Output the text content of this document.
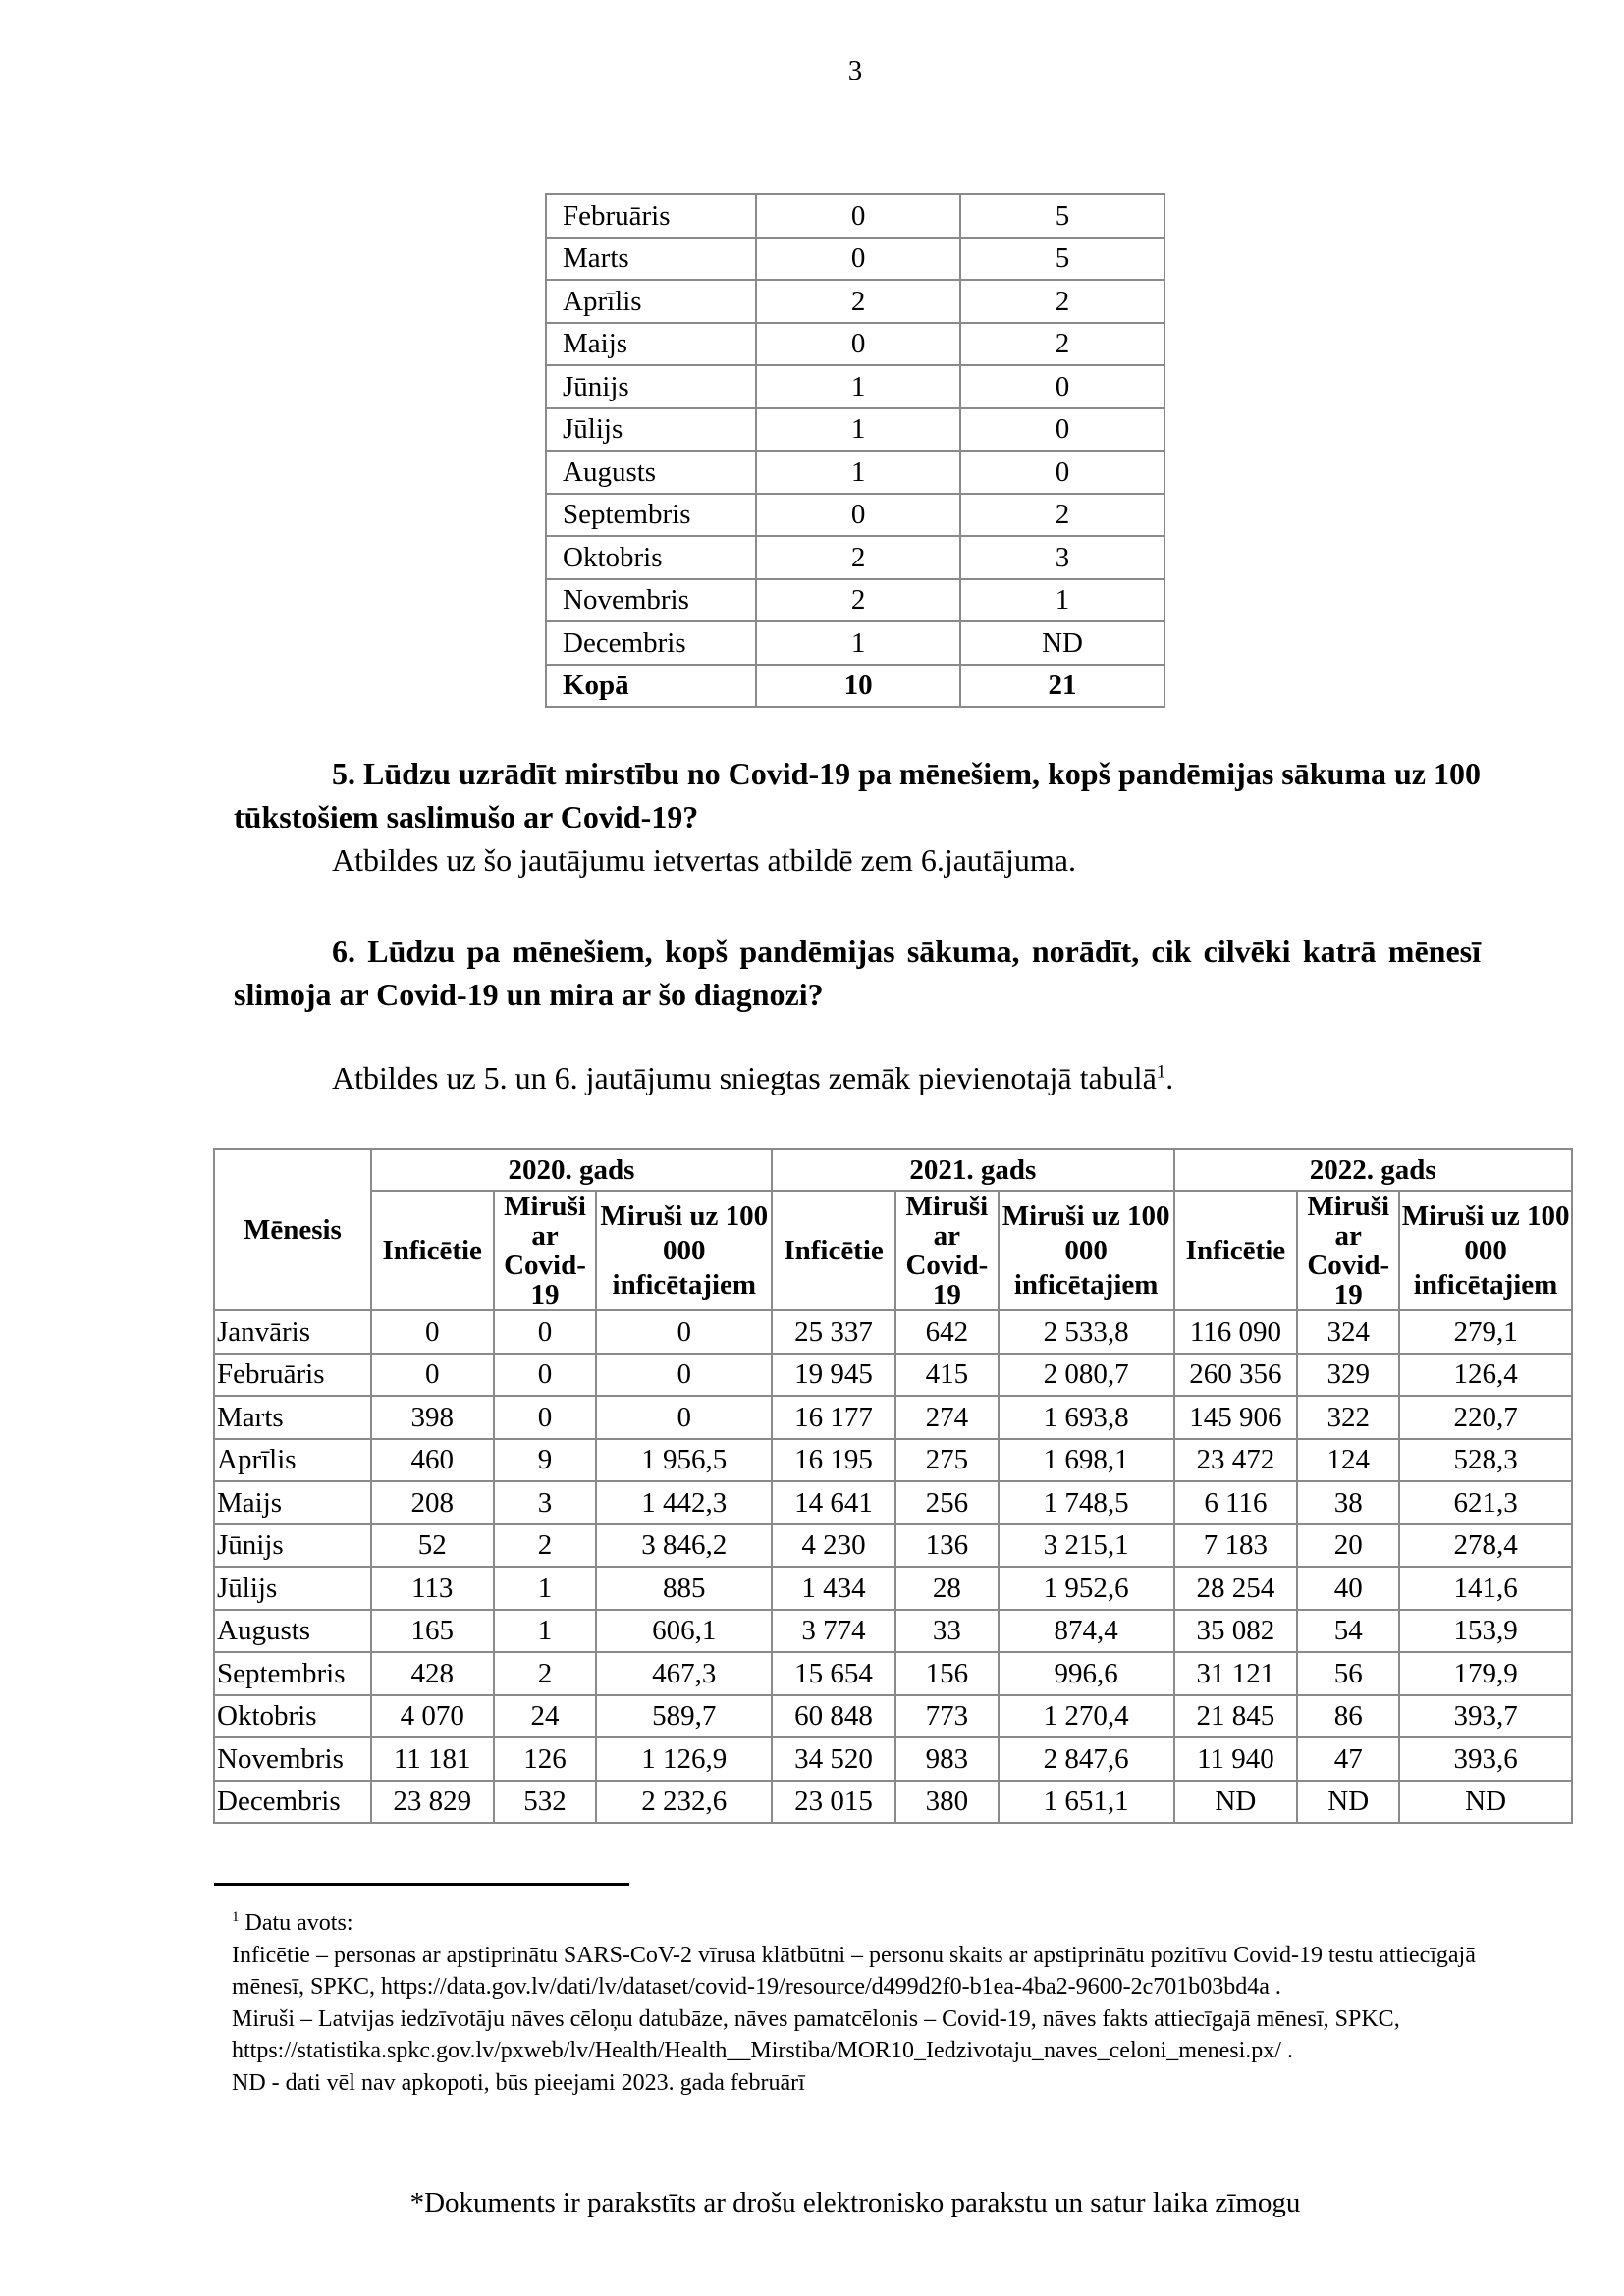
3
Februāris	0	5
Marts	0	5
Aprīlis	2	2
Maijs	0	2
Jūnijs	1	0
Jūlijs	1	0
Augusts	1	0
Septembris	0	2
Oktobris	2	3
Novembris	2	1
Decembris	1	ND
Kopā	10	21
5. Lūdzu uzrādīt mirstību no Covid-19 pa mēnešiem, kopš pandēmijas sākuma uz 100 tūkstošiem saslimušo ar Covid-19?
Atbildes uz šo jautājumu ietvertas atbildē zem 6.jautājuma.
6. Lūdzu pa mēnešiem, kopš pandēmijas sākuma, norādīt, cik cilvēki katrā mēnesī slimoja ar Covid-19 un mira ar šo diagnozi?
Atbildes uz 5. un 6. jautājumu sniegtas zemāk pievienotajā tabulā$^1$.
Mēnesis	2020. gads			2021. gads			2022. gads		
	Inficētie	Miruši ar Covid-19	Miruši uz 100 000 inficētajiem	Inficētie	Miruši ar Covid-19	Miruši uz 100 000 inficētajiem	Inficētie	Miruši ar Covid-19	Miruši uz 100 000 inficētajiem
Janvāris	0	0	0	25 337	642	2 533,8	116 090	324	279,1
Februāris	0	0	0	19 945	415	2 080,7	260 356	329	126,4
Marts	398	0	0	16 177	274	1 693,8	145 906	322	220,7
Aprīlis	460	9	1 956,5	16 195	275	1 698,1	23 472	124	528,3
Maijs	208	3	1 442,3	14 641	256	1 748,5	6 116	38	621,3
Jūnijs	52	2	3 846,2	4 230	136	3 215,1	7 183	20	278,4
Jūlijs	113	1	885	1 434	28	1 952,6	28 254	40	141,6
Augusts	165	1	606,1	3 774	33	874,4	35 082	54	153,9
Septembris	428	2	467,3	15 654	156	996,6	31 121	56	179,9
Oktobris	4 070	24	589,7	60 848	773	1 270,4	21 845	86	393,7
Novembris	11 181	126	1 126,9	34 520	983	2 847,6	11 940	47	393,6
Decembris	23 829	532	2 232,6	23 015	380	1 651,1	ND	ND	ND
$^1$ Datu avots:
Inficētie – personas ar apstiprinātu SARS-CoV-2 vīrusa klātbūtni – personu skaits ar apstiprinātu pozitīvu Covid-19 testu attiecīgajā mēnesī, SPKC, https://data.gov.lv/dati/lv/dataset/covid-19/resource/d499d2f0-b1ea-4ba2-9600-2c701b03bd4a .
Miruši – Latvijas iedzīvotāju nāves cēloņu datubāze, nāves pamatcēlonis – Covid-19, nāves fakts attiecīgajā mēnesī, SPKC,
https://statistika.spkc.gov.lv/pxweb/lv/Health/Health__Mirstiba/MOR10_Iedzivotaju_naves_celoni_menesi.px/ .
ND - dati vēl nav apkopoti, būs pieejami 2023. gada februārī
*Dokuments ir parakstīts ar drošu elektronisko parakstu un satur laika zīmogu
